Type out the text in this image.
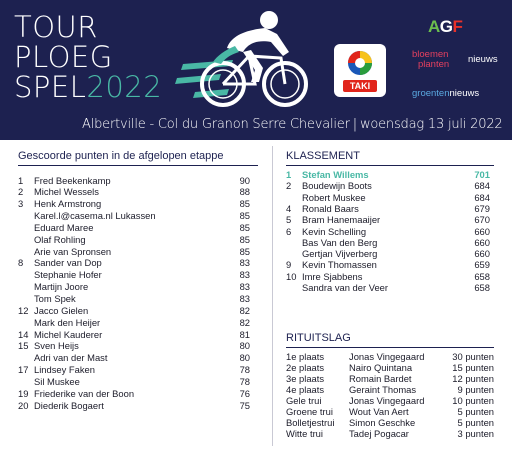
TOUR
PLOEG
SPEL2022	TAKI
AGF
bloemen
planten nieuws
groentennieuws
Albertville - Col du Granon Serre Chevalier | woensdag 13 juli 2022
Gescoorde punten in de afgelopen etappe
1	Fred Beekenkamp	90
2	Michel Wessels	88
3	Henk Armstrong	85
Karel.l@casema.nl Lukassen	85
Eduard Maree	85
Olaf Rohling	85
Arie van Spronsen	85
8	Sander van Dop	83
Stephanie Hofer	83
Martijn Joore	83
Tom Spek	83
12 Jacco Gielen	82
Mark den Heijer	82
14 Michel Kauderer	81
15 Sven Heijs	80
Adri van der Mast	80
17 Lindsey Faken	78
Sil Muskee	78
19 Friederike van der Boon	76
20 Diederik Bogaert	75
KLASSEMENT
1	Stefan Willems	701
2	Boudewijn Boots	684
Robert Muskee	684
4	Ronald Baars	679
5	Bram Hanemaaijer	670
6	Kevin Schelling	660
Bas Van den Berg	660
Gertjan Vijverberg	660
9	Kevin Thomassen	659
10 Imre Sjabbens	658
Sandra van der Veer	658
RITUITSLAG
1e plaats	Jonas Vingegaard	30 punten
2e plaats	Nairo Quintana	15 punten
3e plaats	Romain Bardet	12 punten
4e plaats	Geraint Thomas	9 punten
Gele trui	Jonas Vingegaard	10 punten
Groene trui	Wout Van Aert	5 punten
Bolletjestrui	Simon Geschke	5 punten
Witte trui	Tadej Pogacar	3 punten
